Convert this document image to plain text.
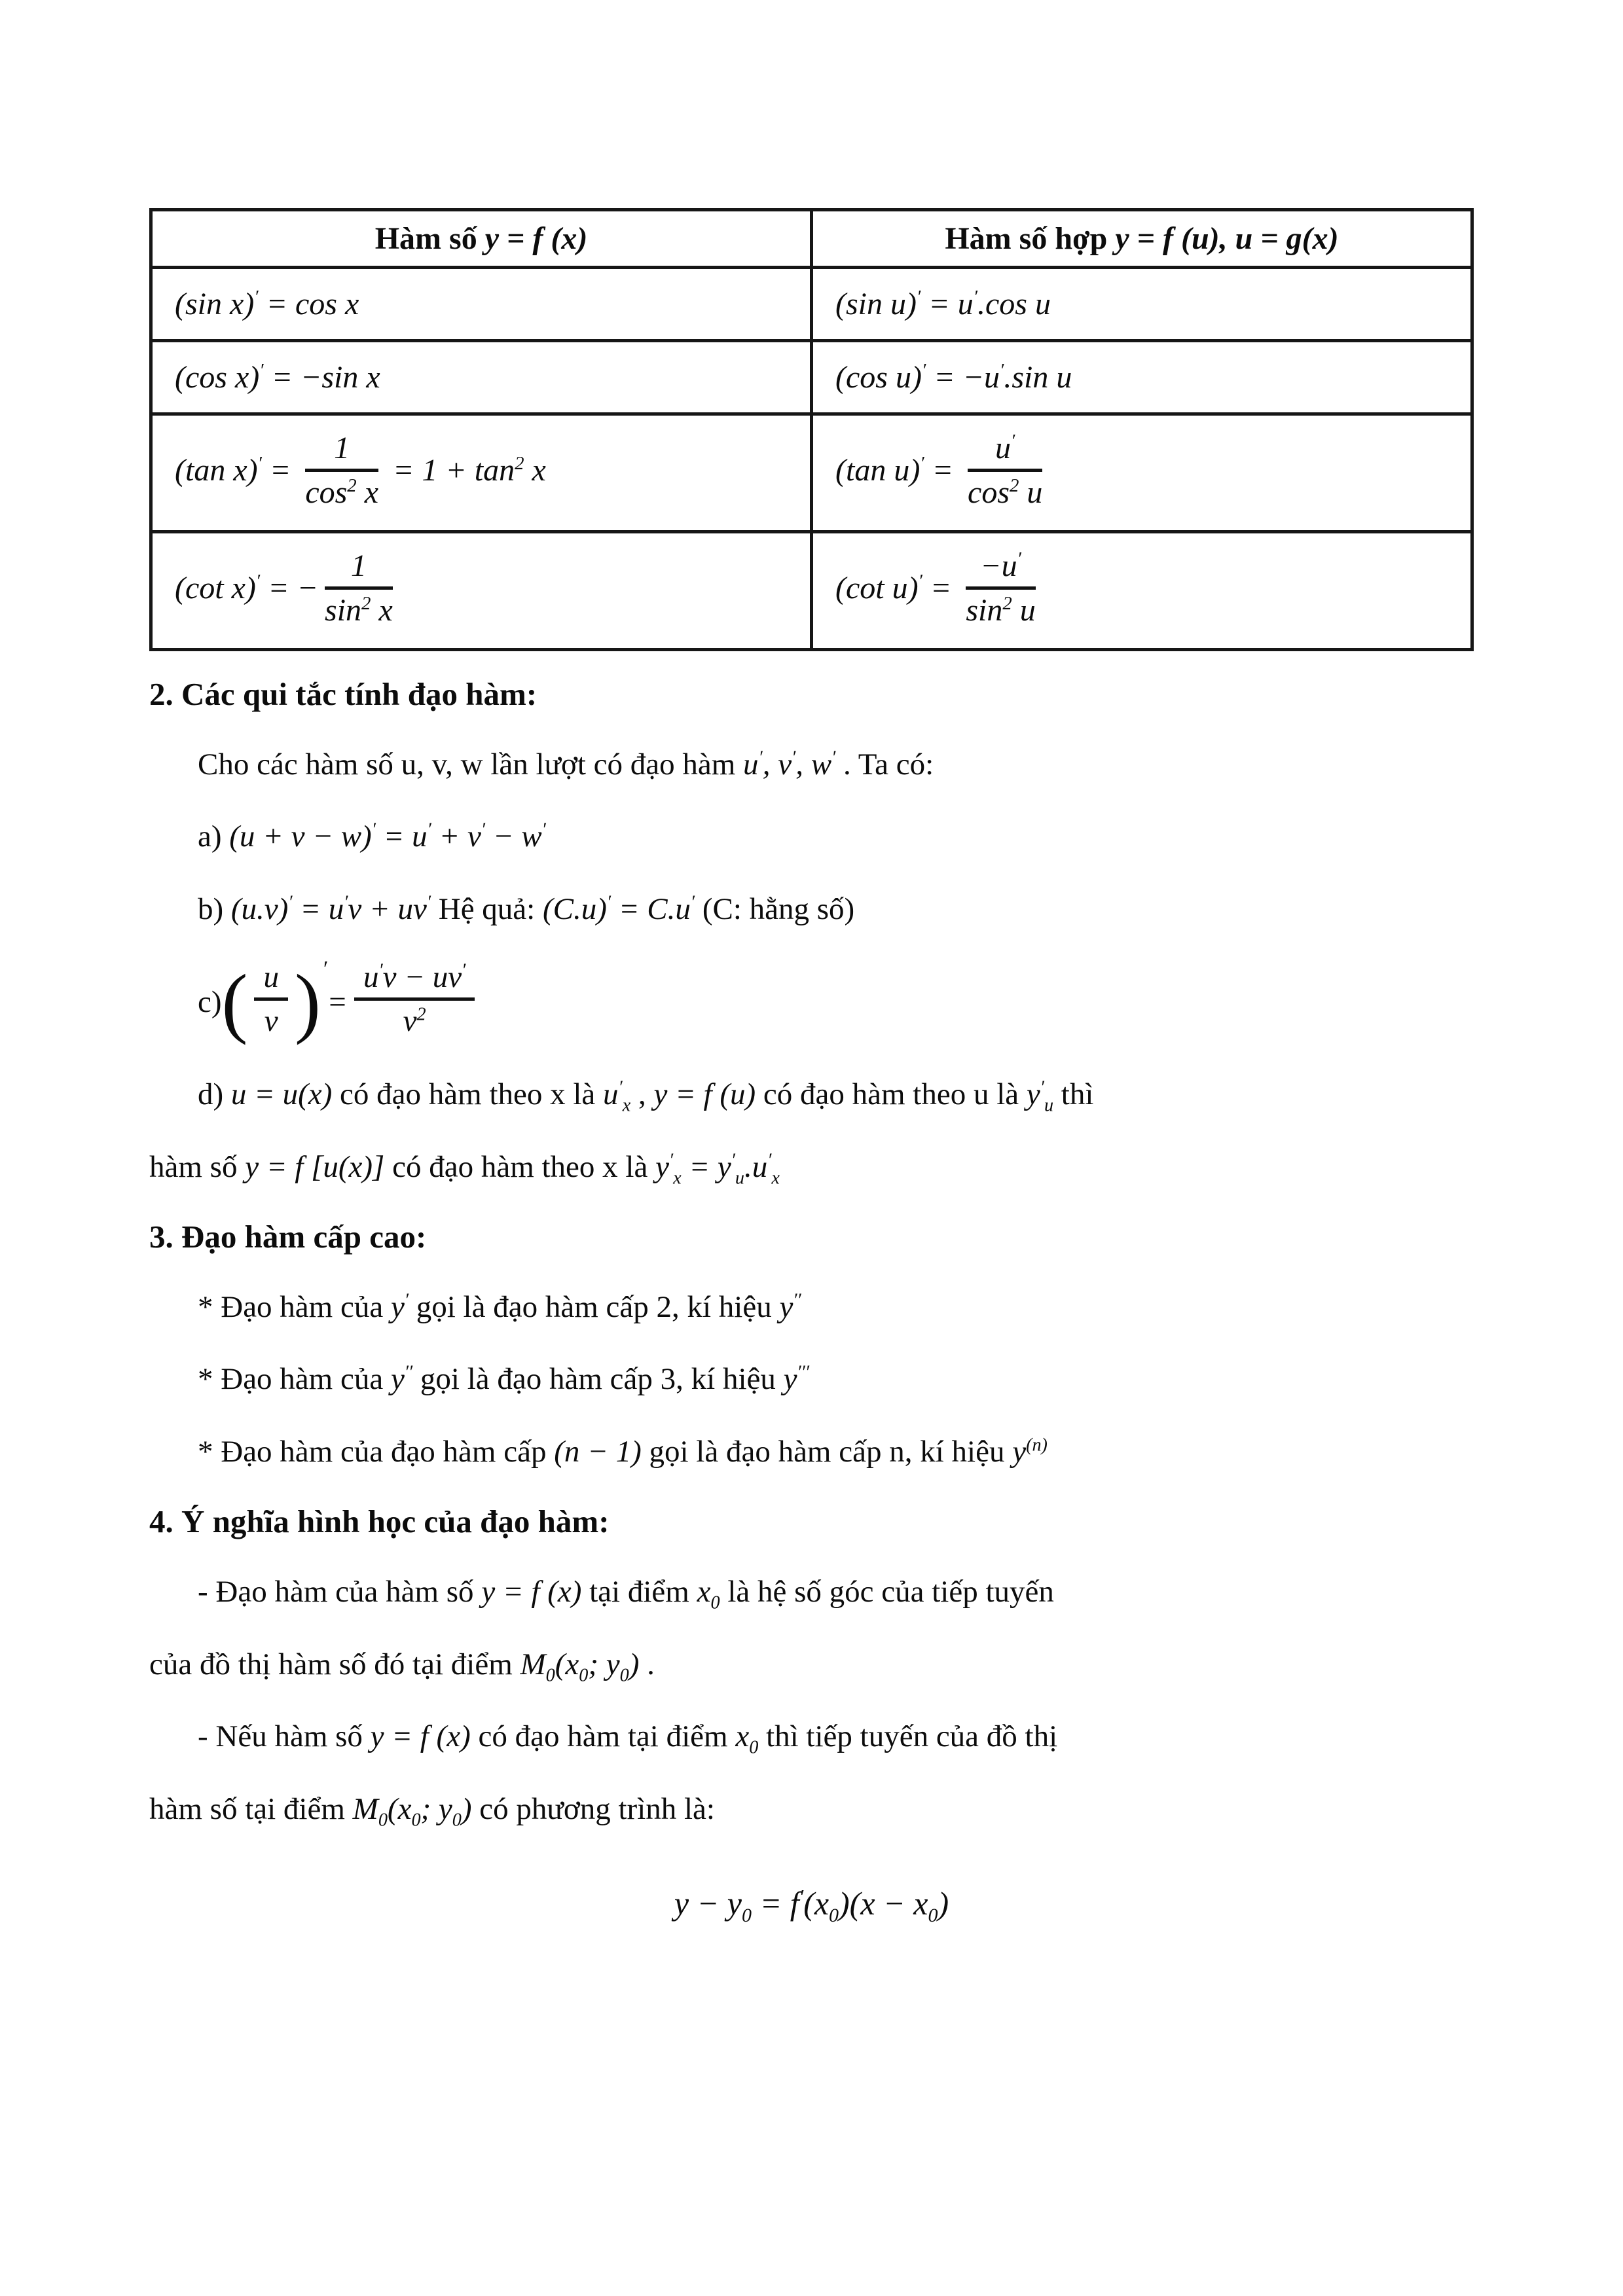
Hàm số y = f (x)	Hàm số hợp y = f (u), u = g(x)
(sin x)′ = cos x	(sin u)′ = u′.cos u
(cos x)′ = −sin x	(cos u)′ = −u′.sin u
(tan $x)' = \frac{1}{\cos^2 x} = 1 + \tan^2 x$	(tan $u)' = \frac{u'}{\cos^2 u}$

(cot x)′ = − $\frac{1}{\sin^2 x}$	(cot $u)' = \frac{-u'}{\sin^2 u}$
2. Các qui tắc tính đạo hàm:

Cho các hàm số u, v, w lần lượt có đạo hàm u′, v′, w′ . Ta có:

a) (u + v − w)′ = u′ + v′ − w′

b) (u.v)′ = u′v + uv′ Hệ quả: (C.u)′ = C.u′ (C: hằng số)

c) ( $\frac{u}{v}$ ) ′
= $\frac{u'v - uv'}{v^2}$

d) u = u(x) có đạo hàm theo x là $u'_x$ , y = f (u) có đạo hàm theo u là $y'_u$ thì

hàm số y = f [u(x)] có đạo hàm theo x là $y'_x = y'_u.u'_x$

3. Đạo hàm cấp cao:

* Đạo hàm của y′ gọi là đạo hàm cấp 2, kí hiệu y′′

* Đạo hàm của y′′ gọi là đạo hàm cấp 3, kí hiệu y′′′

* Đạo hàm của đạo hàm cấp (n − 1) gọi là đạo hàm cấp n, kí hiệu $y^{(n)}$

4. Ý nghĩa hình học của đạo hàm:

- Đạo hàm của hàm số y = f (x) tại điểm $x_0$ là hệ số góc của tiếp tuyến

của đồ thị hàm số đó tại điểm $M_0(x_0$; $y_0$) .

- Nếu hàm số y = f (x) có đạo hàm tại điểm $x_0$ thì tiếp tuyến của đồ thị

hàm số tại điểm $M_0(x_0$; $y_0$) có phương trình là:

$y - y_0 = f'(x_0)(x - x_0)$
